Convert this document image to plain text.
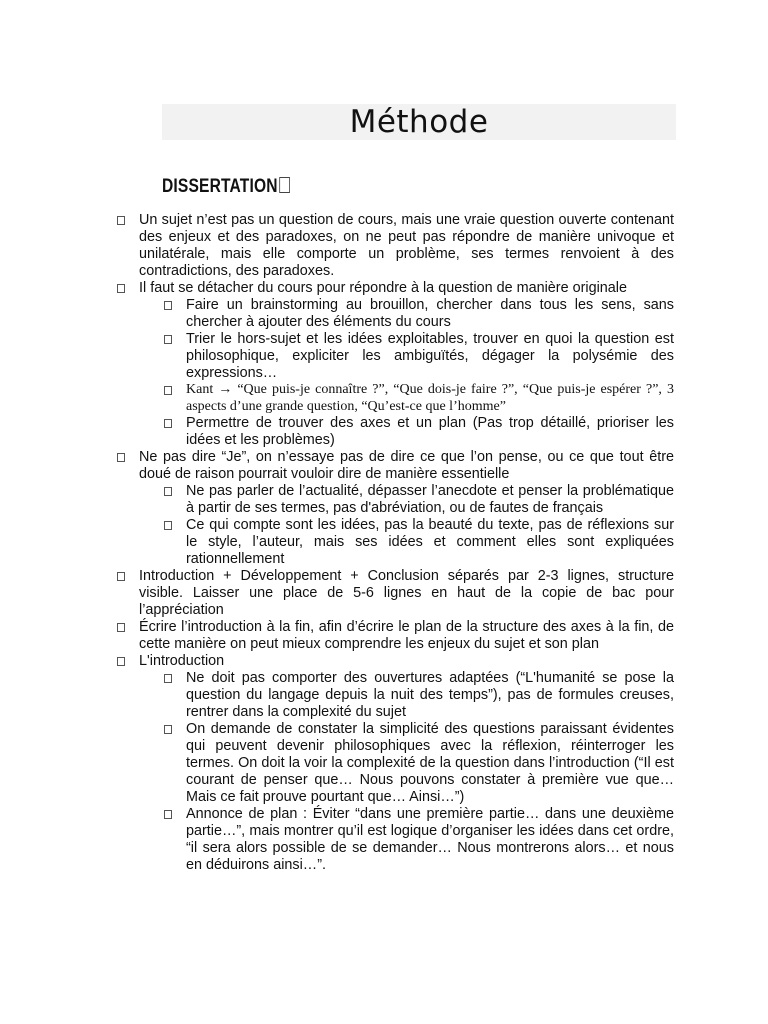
Méthode
DISSERTATION
Un sujet n’est pas un question de cours, mais une vraie question ouverte contenant des enjeux et des paradoxes, on ne peut pas répondre de manière univoque et unilatérale, mais elle comporte un problème, ses termes renvoient à des contradictions, des paradoxes.
Il faut se détacher du cours pour répondre à la question de manière originale
Faire un brainstorming au brouillon, chercher dans tous les sens, sans chercher à ajouter des éléments du cours
Trier le hors-sujet et les idées exploitables, trouver en quoi la question est philosophique, expliciter les ambiguïtés, dégager la polysémie des expressions…
Kant → “Que puis-je connaître ?”, “Que dois-je faire ?”, “Que puis-je espérer ?”, 3 aspects d’une grande question, “Qu’est-ce que l’homme”
Permettre de trouver des axes et un plan (Pas trop détaillé, prioriser les idées et les problèmes)
Ne pas dire “Je”, on n’essaye pas de dire ce que l’on pense, ou ce que tout être doué de raison pourrait vouloir dire de manière essentielle
Ne pas parler de l’actualité, dépasser l’anecdote et penser la problématique à partir de ses termes, pas d'abréviation, ou de fautes de français
Ce qui compte sont les idées, pas la beauté du texte, pas de réflexions sur le style, l’auteur, mais ses idées et comment elles sont expliquées rationnellement
Introduction + Développement + Conclusion séparés par 2-3 lignes, structure visible. Laisser une place de 5-6 lignes en haut de la copie de bac pour l’appréciation
Écrire l’introduction à la fin, afin d’écrire le plan de la structure des axes à la fin, de cette manière on peut mieux comprendre les enjeux du sujet et son plan
L'introduction
Ne doit pas comporter des ouvertures adaptées (“L'humanité se pose la question du langage depuis la nuit des temps”), pas de formules creuses, rentrer dans la complexité du sujet
On demande de constater la simplicité des questions paraissant évidentes qui peuvent devenir philosophiques avec la réflexion, réinterroger les termes. On doit la voir la complexité de la question dans l’introduction (“Il est courant de penser que… Nous pouvons constater à première vue que… Mais ce fait prouve pourtant que… Ainsi…”)
Annonce de plan : Éviter “dans une première partie… dans une deuxième partie…”, mais montrer qu’il est logique d’organiser les idées dans cet ordre, “il sera alors possible de se demander… Nous montrerons alors… et nous en déduirons ainsi…”.
